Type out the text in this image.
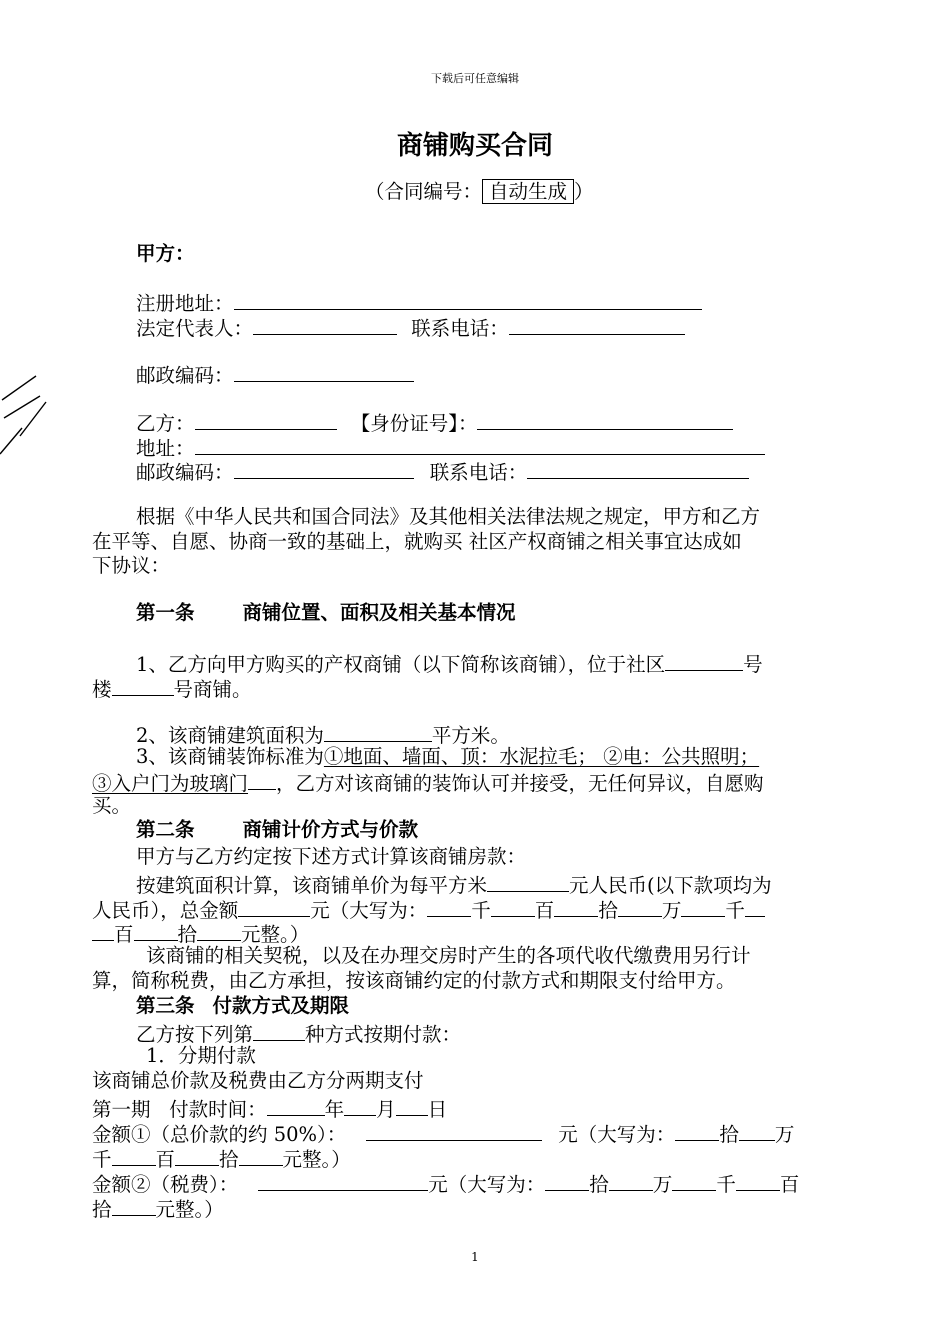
下载后可任意编辑
商铺购买合同
（合同编号： 自动生成 ）
甲方：
注册地址：
法定代表人：	联系电话：
邮政编码：
乙方：	【身份证号】：
地址：
邮政编码：	联系电话：
根据《中华人民共和国合同法》及其他相关法律法规之规定，甲方和乙方
在平等、自愿、协商一致的基础上，就购买 社区产权商铺之相关事宜达成如
下协议：
第一条 商铺位置、面积及相关基本情况
1、乙方向甲方购买的产权商铺（以下简称该商铺），位于社区	号
楼	号商铺。
2、该商铺建筑面积为	平方米。
3、该商铺装饰标准为①地面、墙面、顶：水泥拉毛； ②电：公共照明；
③入户门为玻璃门 ，乙方对该商铺的装饰认可并接受，无任何异议，自愿购
买。
第二条 商铺计价方式与价款
甲方与乙方约定按下述方式计算该商铺房款：
按建筑面积计算，该商铺单价为每平方米	元人民币(以下款项均为
人民币），总金额	元（大写为： 千 百 拾 万 千
百 拾 元整。）
该商铺的相关契税，以及在办理交房时产生的各项代收代缴费用另行计
算，简称税费，由乙方承担，按该商铺约定的付款方式和期限支付给甲方。
第三条 付款方式及期限
乙方按下列第	种方式按期付款：
1．分期付款
该商铺总价款及税费由乙方分两期支付
第一期   付款时间：	年 月 日
金额①（总价款的约 50%）：	元（大写为： 拾 万
千 百 拾 元整。）
金额②（税费）：	元（大写为： 拾 万 千 百
拾 元整。）
1
